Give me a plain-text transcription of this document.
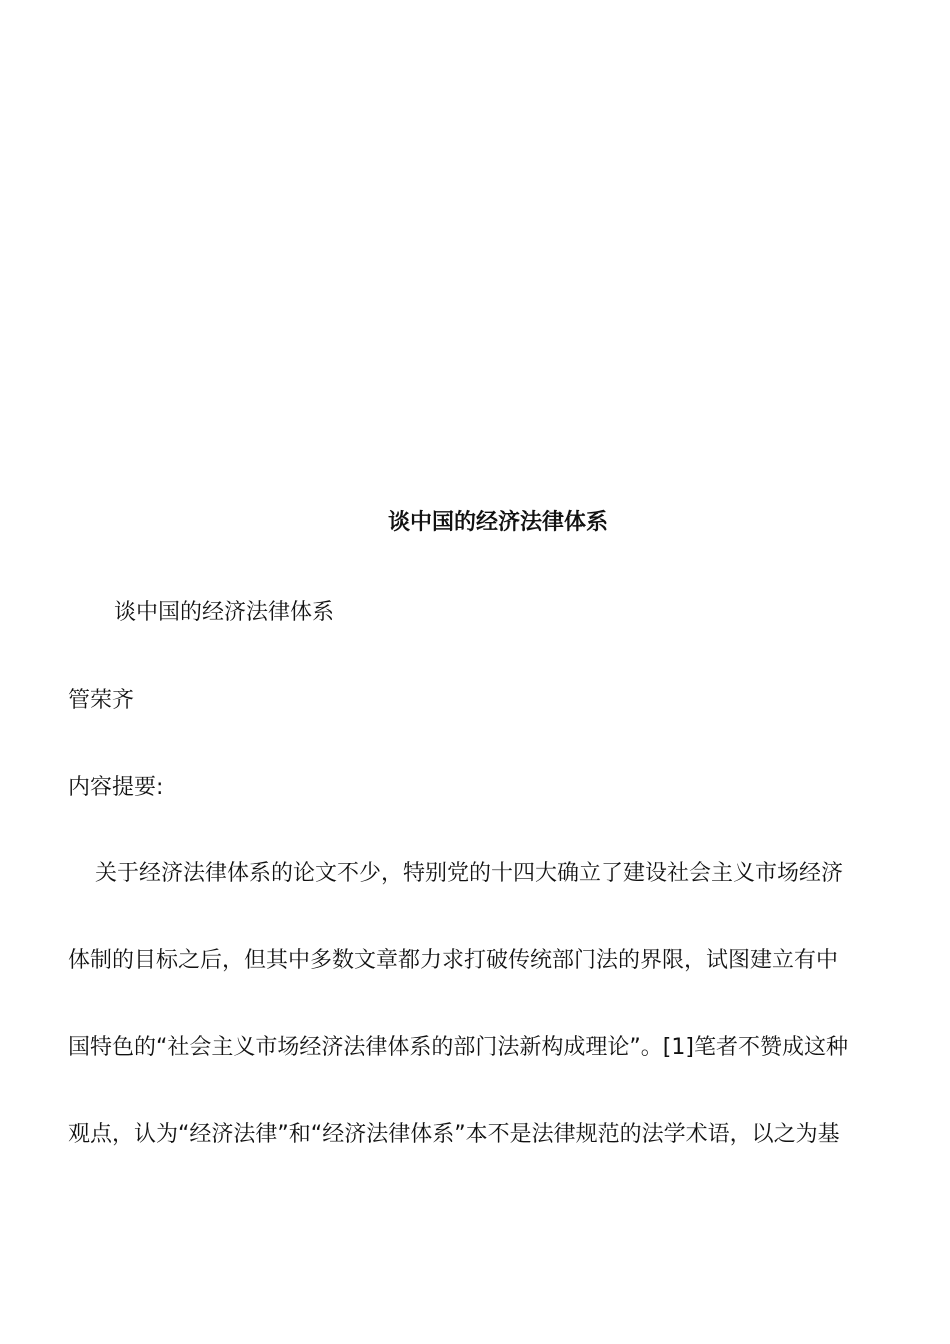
谈中国的经济法律体系
谈中国的经济法律体系
管荣齐
内容提要:
关于经济法律体系的论文不少，特别党的十四大确立了建设社会主义市场经济
体制的目标之后，但其中多数文章都力求打破传统部门法的界限，试图建立有中
国特色的“社会主义市场经济法律体系的部门法新构成理论”。[1]笔者不赞成这种
观点，认为“经济法律”和“经济法律体系”本不是法律规范的法学术语，以之为基
